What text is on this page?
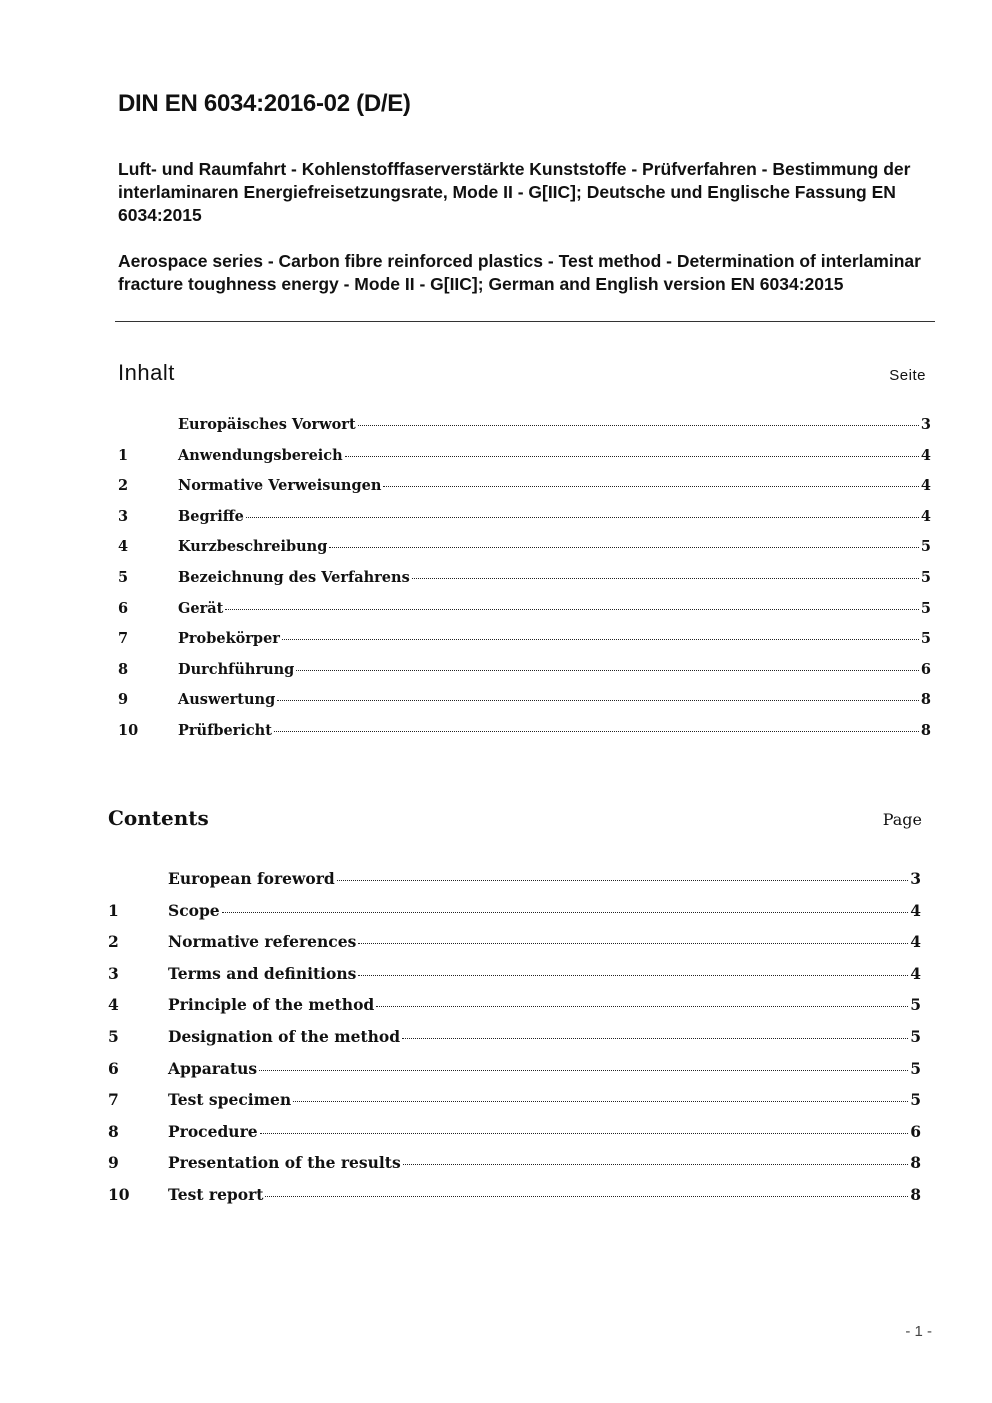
DIN EN 6034:2016-02 (D/E)

Luft- und Raumfahrt - Kohlenstofffaserverstärkte Kunststoffe - Prüfverfahren - Bestimmung der interlaminaren Energiefreisetzungsrate, Mode II - G[IIC]; Deutsche und Englische Fassung EN 6034:2015

Aerospace series - Carbon fibre reinforced plastics - Test method - Determination of interlaminar fracture toughness energy - Mode II - G[IIC]; German and English version EN 6034:2015

Inhalt	Seite
Europäisches Vorwort	3
1	Anwendungsbereich	4
2	Normative Verweisungen	4
3	Begriffe	4
4	Kurzbeschreibung	5
5	Bezeichnung des Verfahrens	5
6	Gerät	5
7	Probekörper	5
8	Durchführung	6
9	Auswertung	8
10	Prüfbericht	8
Contents	Page
European foreword	3
1	Scope	4
2	Normative references	4
3	Terms and definitions	4
4	Principle of the method	5
5	Designation of the method	5
6	Apparatus	5
7	Test specimen	5
8	Procedure	6
9	Presentation of the results	8
10	Test report	8
- 1 -
